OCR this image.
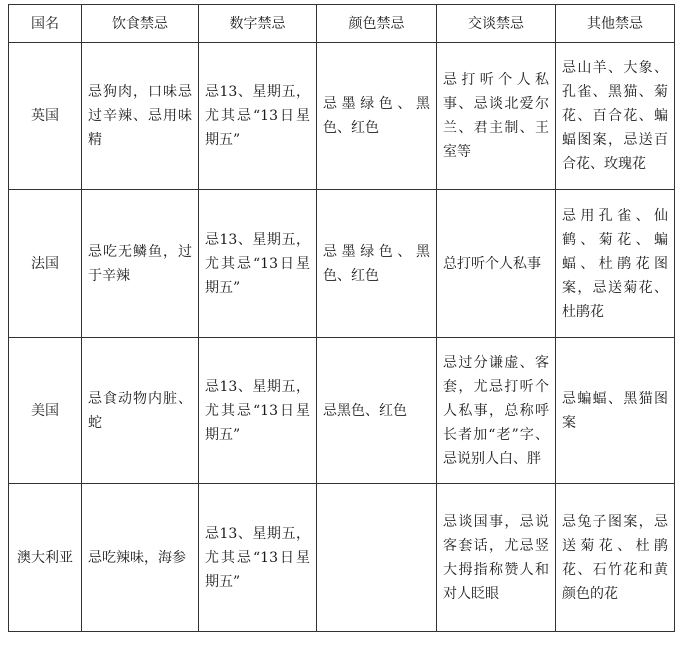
国名	饮食禁忌	数字禁忌	颜色禁忌	交谈禁忌	其他禁忌
英国	忌狗肉，口味忌过辛辣、忌用味精	忌13、星期五，尤其忌“13日星期五”	忌墨绿色、黑色、红色	忌打听个人私事、忌谈北爱尔兰、君主制、王室等	忌山羊、大象、孔雀、黑猫、菊花、百合花、蝙蝠图案，忌送百合花、玫瑰花
法国	忌吃无鳞鱼，过于辛辣	忌13、星期五，尤其忌“13日星期五”	忌墨绿色、黑色、红色	总打听个人私事	忌用孔雀、仙鹤、菊花、蝙蝠、杜鹃花图案，忌送菊花、杜鹃花
美国	忌食动物内脏、蛇	忌13、星期五，尤其忌“13日星期五”	忌黑色、红色	忌过分谦虚、客套，尤忌打听个人私事，总称呼长者加“老”字、忌说别人白、胖	忌蝙蝠、黑猫图案
澳大利亚	忌吃辣味，海参	忌13、星期五，尤其忌“13日星期五”		忌谈国事，忌说客套话，尤忌竖大拇指称赞人和对人眨眼	忌兔子图案，忌送菊花、杜鹃花、石竹花和黄颜色的花
